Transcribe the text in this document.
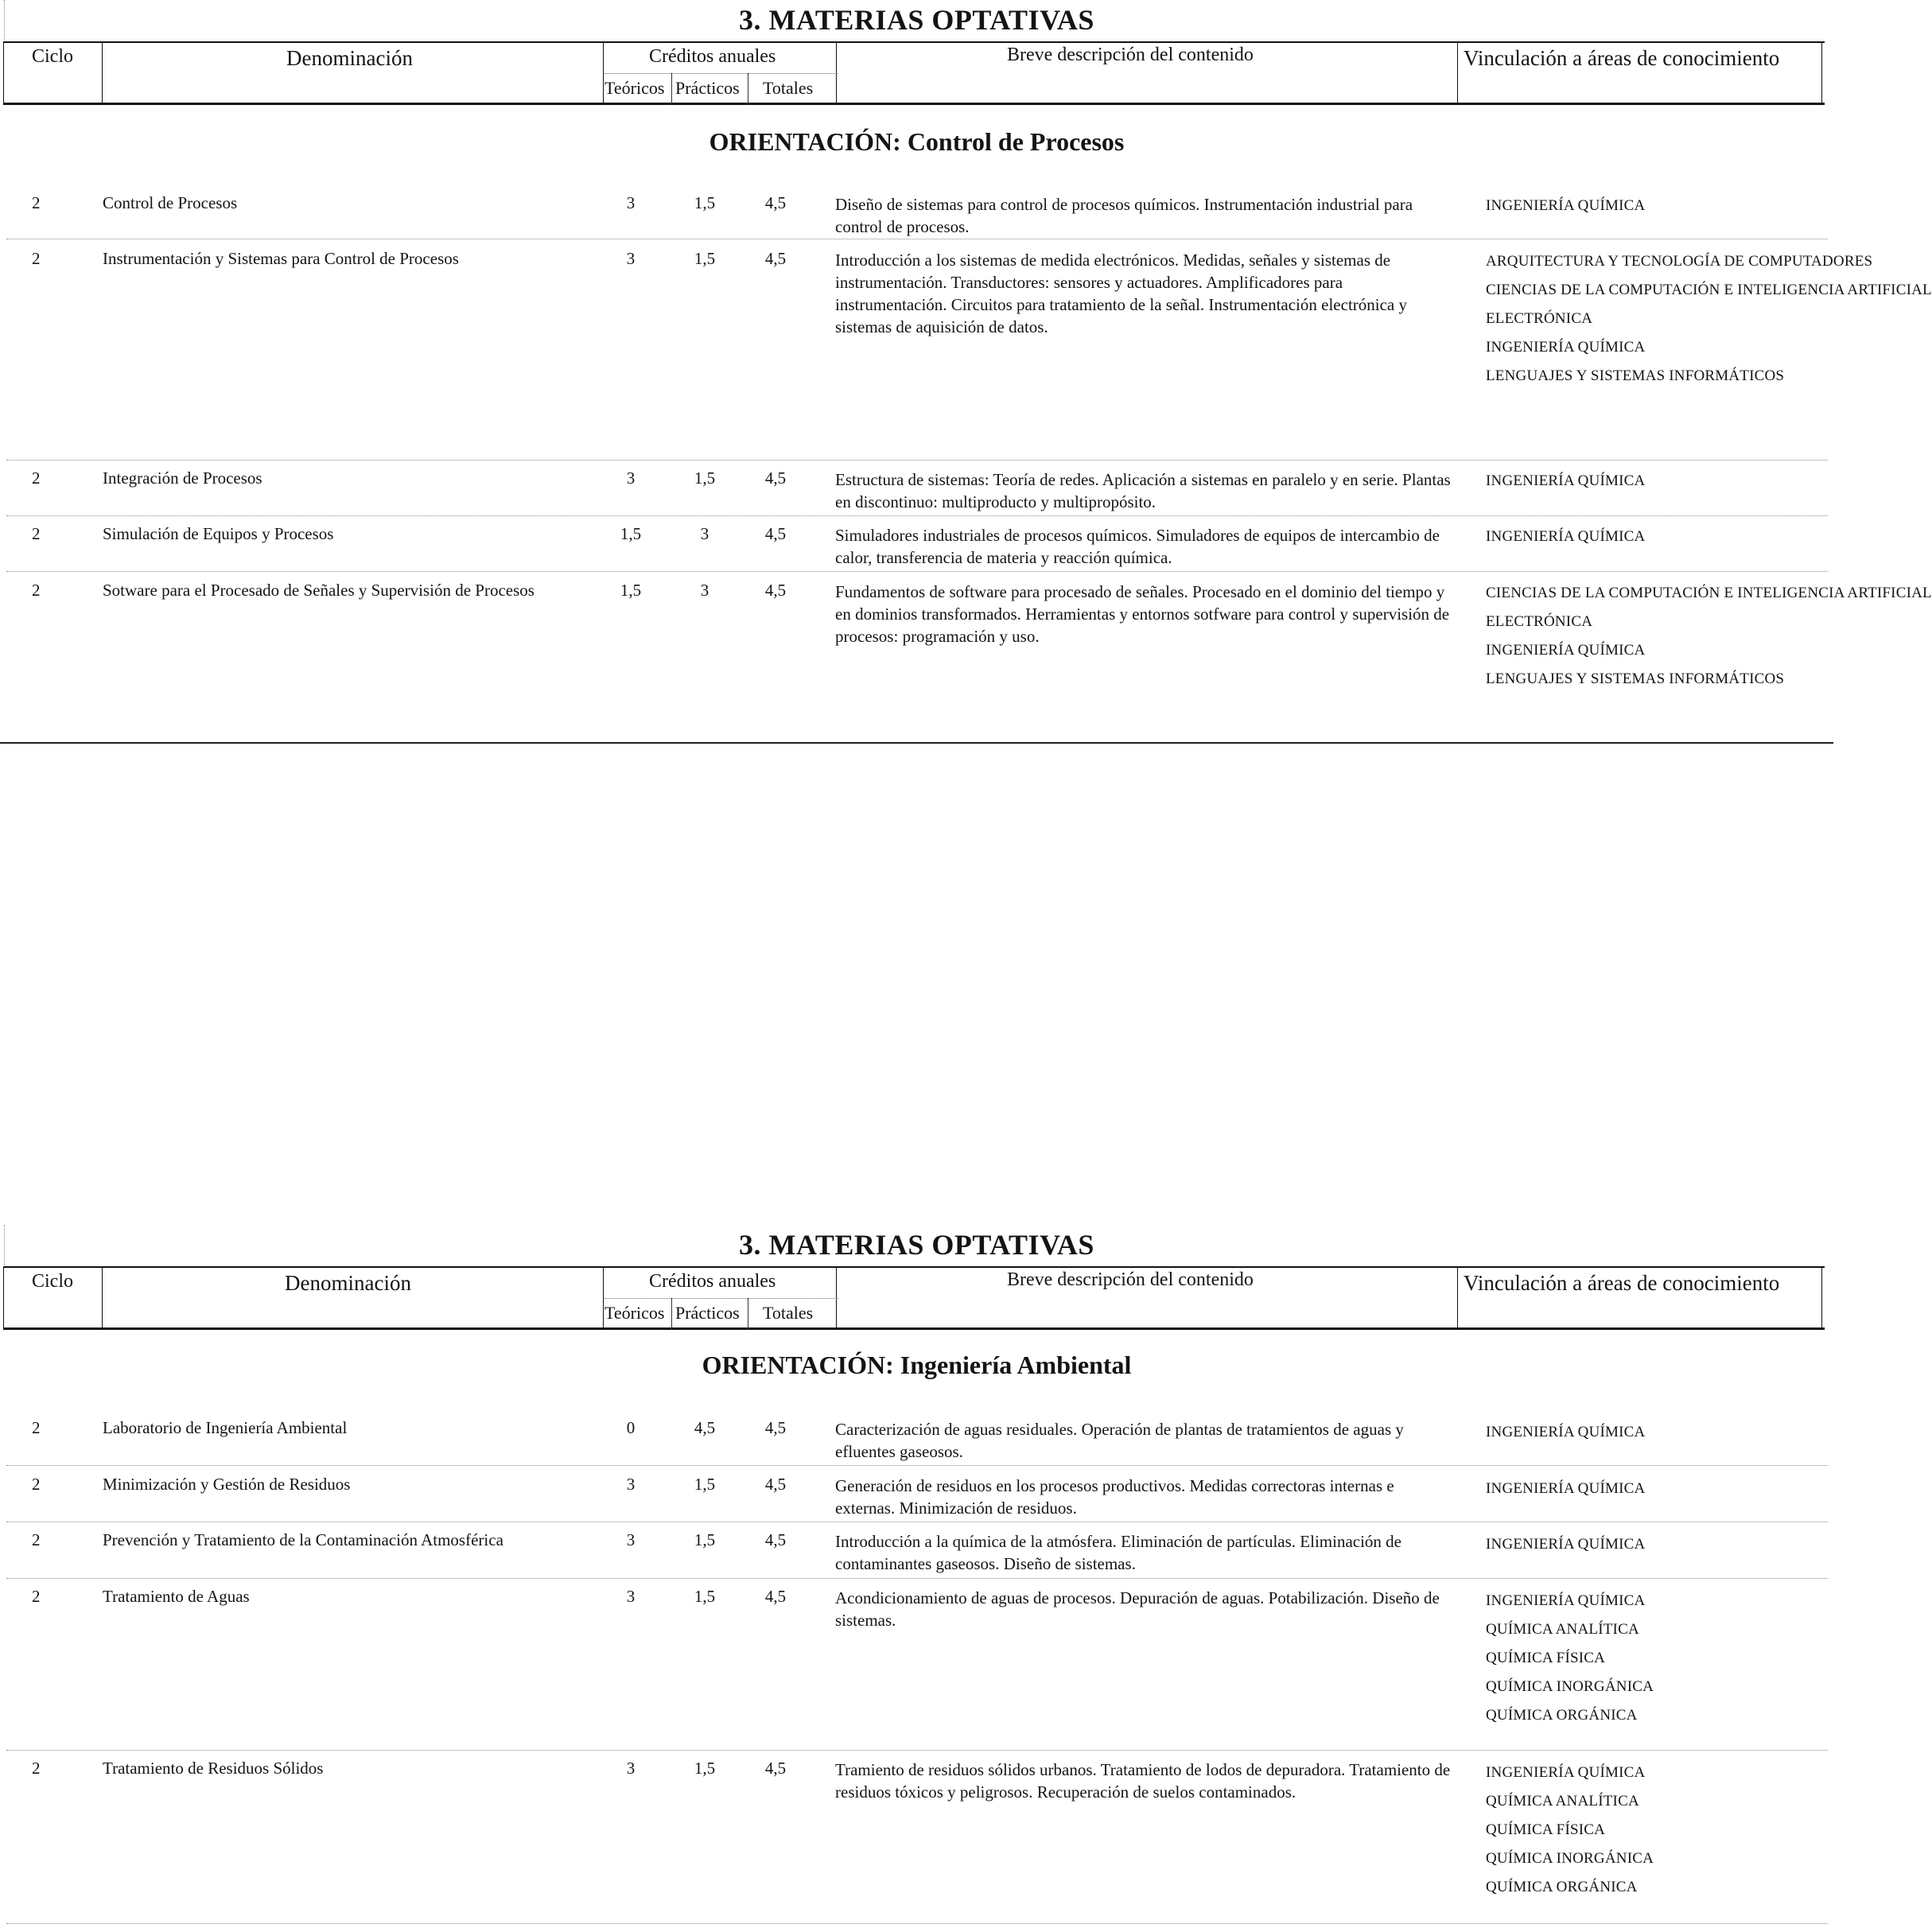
3. MATERIAS OPTATIVAS
Ciclo	Denominación	Créditos anuales
Teóricos Prácticos Totales
Breve descripción del contenido	Vinculación a áreas de conocimiento
ORIENTACIÓN: Control de Procesos
2	Control de Procesos	3	1,5	4,5	Diseño de sistemas para control de procesos químicos. Instrumentación industrial para control de procesos.
INGENIERÍA QUÍMICA
2	Instrumentación y Sistemas para Control de Procesos	3	1,5	4,5	Introducción a los sistemas de medida electrónicos. Medidas, señales y sistemas de instrumentación. Transductores: sensores y actuadores. Amplificadores para instrumentación. Circuitos para tratamiento de la señal. Instrumentación electrónica y sistemas de aquisición de datos.
ARQUITECTURA Y TECNOLOGÍA DE COMPUTADORES
CIENCIAS DE LA COMPUTACIÓN E INTELIGENCIA ARTIFICIAL
ELECTRÓNICA
INGENIERÍA QUÍMICA
LENGUAJES Y SISTEMAS INFORMÁTICOS
2	Integración de Procesos	3	1,5	4,5	Estructura de sistemas: Teoría de redes. Aplicación a sistemas en paralelo y en serie. Plantas en discontinuo: multiproducto y multipropósito.
INGENIERÍA QUÍMICA
2	Simulación de Equipos y Procesos	1,5	3	4,5	Simuladores industriales de procesos químicos. Simuladores de equipos de intercambio de calor, transferencia de materia y reacción química.
INGENIERÍA QUÍMICA
2	Sotware para el Procesado de Señales y Supervisión de Procesos	1,5	3	4,5	Fundamentos de software para procesado de señales. Procesado en el dominio del tiempo y en dominios transformados. Herramientas y entornos sotfware para control y supervisión de procesos: programación y uso.
CIENCIAS DE LA COMPUTACIÓN E INTELIGENCIA ARTIFICIAL
ELECTRÓNICA
INGENIERÍA QUÍMICA
LENGUAJES Y SISTEMAS INFORMÁTICOS
3. MATERIAS OPTATIVAS
Ciclo	Denominación	Créditos anuales
Teóricos Prácticos Totales
Breve descripción del contenido	Vinculación a áreas de conocimiento
ORIENTACIÓN: Ingeniería Ambiental
2	Laboratorio de Ingeniería Ambiental	0	4,5	4,5	Caracterización de aguas residuales. Operación de plantas de tratamientos de aguas y efluentes gaseosos.
INGENIERÍA QUÍMICA
2	Minimización y Gestión de Residuos	3	1,5	4,5	Generación de residuos en los procesos productivos. Medidas correctoras internas e externas. Minimización de residuos.
INGENIERÍA QUÍMICA
2	Prevención y Tratamiento de la Contaminación Atmosférica	3	1,5	4,5	Introducción a la química de la atmósfera. Eliminación de partículas. Eliminación de contaminantes gaseosos. Diseño de sistemas.
INGENIERÍA QUÍMICA
2	Tratamiento de Aguas	3	1,5	4,5	Acondicionamiento de aguas de procesos. Depuración de aguas. Potabilización. Diseño de sistemas.
INGENIERÍA QUÍMICA
QUÍMICA ANALÍTICA
QUÍMICA FÍSICA
QUÍMICA INORGÁNICA
QUÍMICA ORGÁNICA
2	Tratamiento de Residuos Sólidos	3	1,5	4,5	Tramiento de residuos sólidos urbanos. Tratamiento de lodos de depuradora. Tratamiento de residuos tóxicos y peligrosos. Recuperación de suelos contaminados.
INGENIERÍA QUÍMICA
QUÍMICA ANALÍTICA
QUÍMICA FÍSICA
QUÍMICA INORGÁNICA
QUÍMICA ORGÁNICA
